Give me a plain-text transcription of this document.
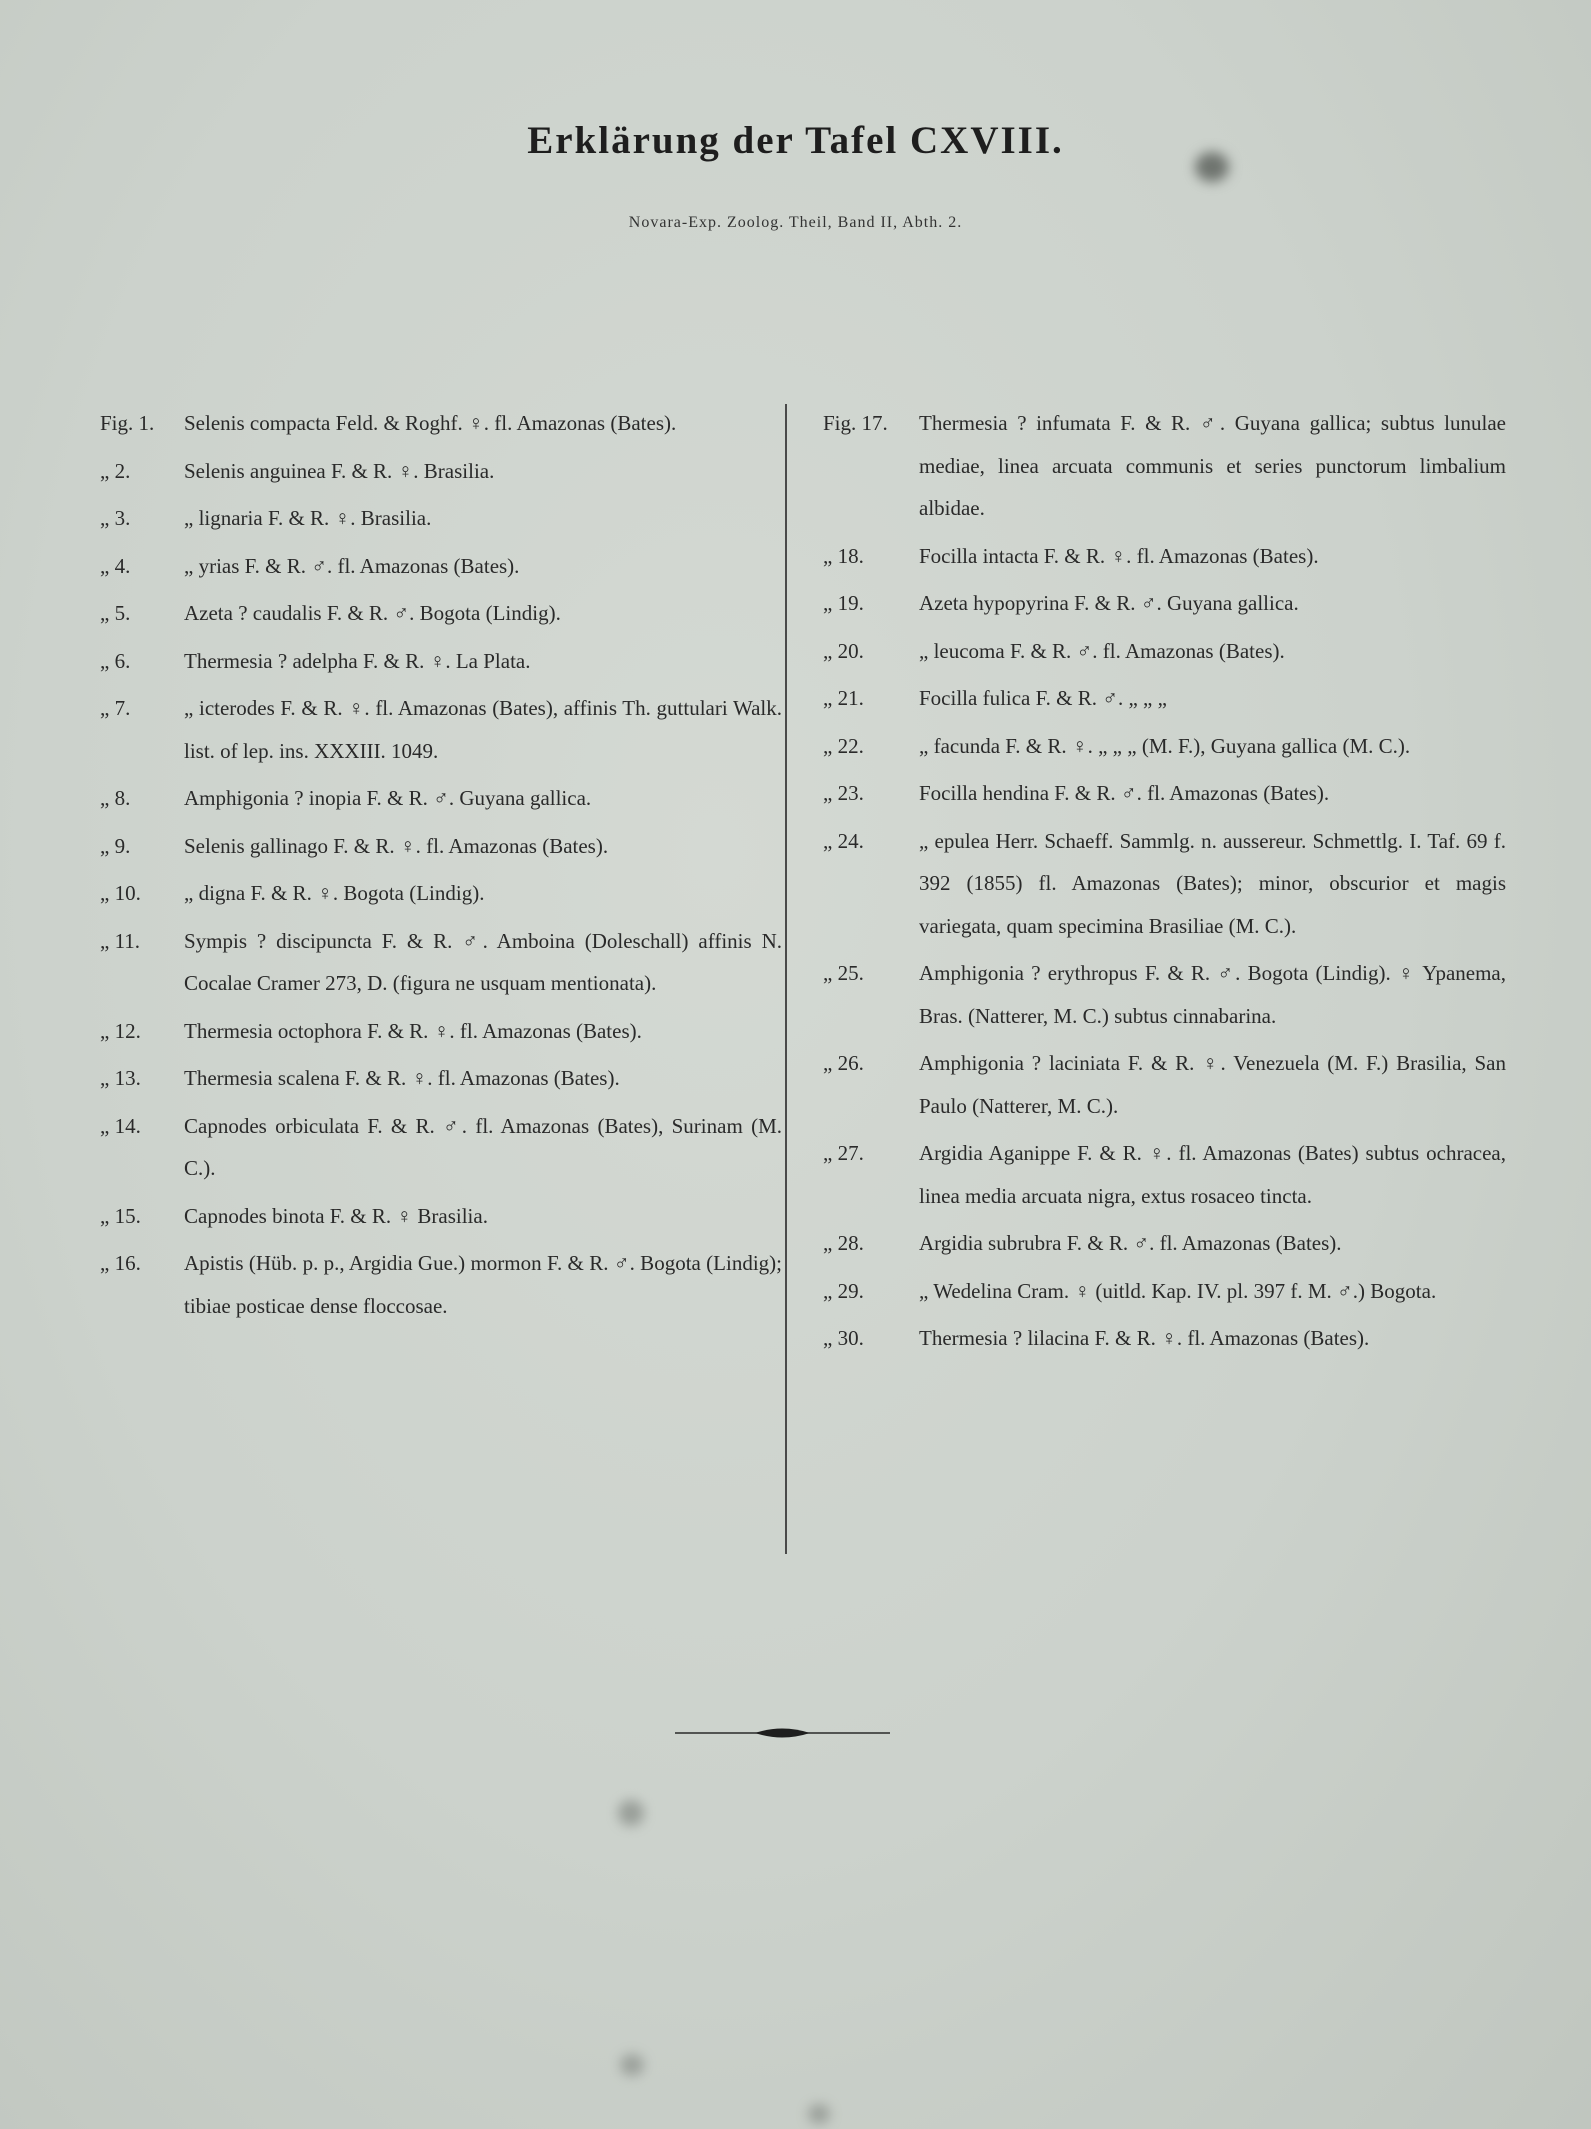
Erklärung der Tafel CXVIII.
Novara-Exp. Zoolog. Theil, Band II, Abth. 2.
Fig. 1.	Selenis compacta Feld. & Roghf. ♀. fl. Amazonas (Bates).
„ 2.	Selenis anguinea F. & R. ♀. Brasilia.
„ 3.	„ lignaria F. & R. ♀. Brasilia.
„ 4.	„ yrias F. & R. ♂. fl. Amazonas (Bates).
„ 5.	Azeta ? caudalis F. & R. ♂. Bogota (Lindig).
„ 6.	Thermesia ? adelpha F. & R. ♀. La Plata.
„ 7.	„ icterodes F. & R. ♀. fl. Amazonas (Bates), affinis Th. guttulari Walk. list. of lep. ins. XXXIII. 1049.
„ 8.	Amphigonia ? inopia F. & R. ♂. Guyana gallica.
„ 9.	Selenis gallinago F. & R. ♀. fl. Amazonas (Bates).
„ 10.	„ digna F. & R. ♀. Bogota (Lindig).
„ 11.	Sympis ? discipuncta F. & R. ♂. Amboina (Doleschall) affinis N. Cocalae Cramer 273, D. (figura ne usquam mentionata).
„ 12.	Thermesia octophora F. & R. ♀. fl. Amazonas (Bates).
„ 13.	Thermesia scalena F. & R. ♀. fl. Amazonas (Bates).
„ 14.	Capnodes orbiculata F. & R. ♂. fl. Amazonas (Bates), Surinam (M. C.).
„ 15.	Capnodes binota F. & R. ♀ Brasilia.
„ 16.	Apistis (Hüb. p. p., Argidia Gue.) mormon F. & R. ♂. Bogota (Lindig); tibiae posticae dense floccosae.
Fig. 17.	Thermesia ? infumata F. & R. ♂. Guyana gallica; subtus lunulae mediae, linea arcuata communis et series punctorum limbalium albidae.
„ 18.	Focilla intacta F. & R. ♀. fl. Amazonas (Bates).
„ 19.	Azeta hypopyrina F. & R. ♂. Guyana gallica.
„ 20.	„ leucoma F. & R. ♂. fl. Amazonas (Bates).
„ 21.	Focilla fulica F. & R. ♂. „ „ „
„ 22.	„ facunda F. & R. ♀. „ „ „ (M. F.), Guyana gallica (M. C.).
„ 23.	Focilla hendina F. & R. ♂. fl. Amazonas (Bates).
„ 24.	„ epulea Herr. Schaeff. Sammlg. n. aussereur. Schmettlg. I. Taf. 69 f. 392 (1855) fl. Amazonas (Bates); minor, obscurior et magis variegata, quam specimina Brasiliae (M. C.).
„ 25.	Amphigonia ? erythropus F. & R. ♂. Bogota (Lindig). ♀ Ypanema, Bras. (Natterer, M. C.) subtus cinnabarina.
„ 26.	Amphigonia ? laciniata F. & R. ♀. Venezuela (M. F.) Brasilia, San Paulo (Natterer, M. C.).
„ 27.	Argidia Aganippe F. & R. ♀. fl. Amazonas (Bates) subtus ochracea, linea media arcuata nigra, extus rosaceo tincta.
„ 28.	Argidia subrubra F. & R. ♂. fl. Amazonas (Bates).
„ 29.	„ Wedelina Cram. ♀ (uitld. Kap. IV. pl. 397 f. M. ♂.) Bogota.
„ 30.	Thermesia ? lilacina F. & R. ♀. fl. Amazonas (Bates).
